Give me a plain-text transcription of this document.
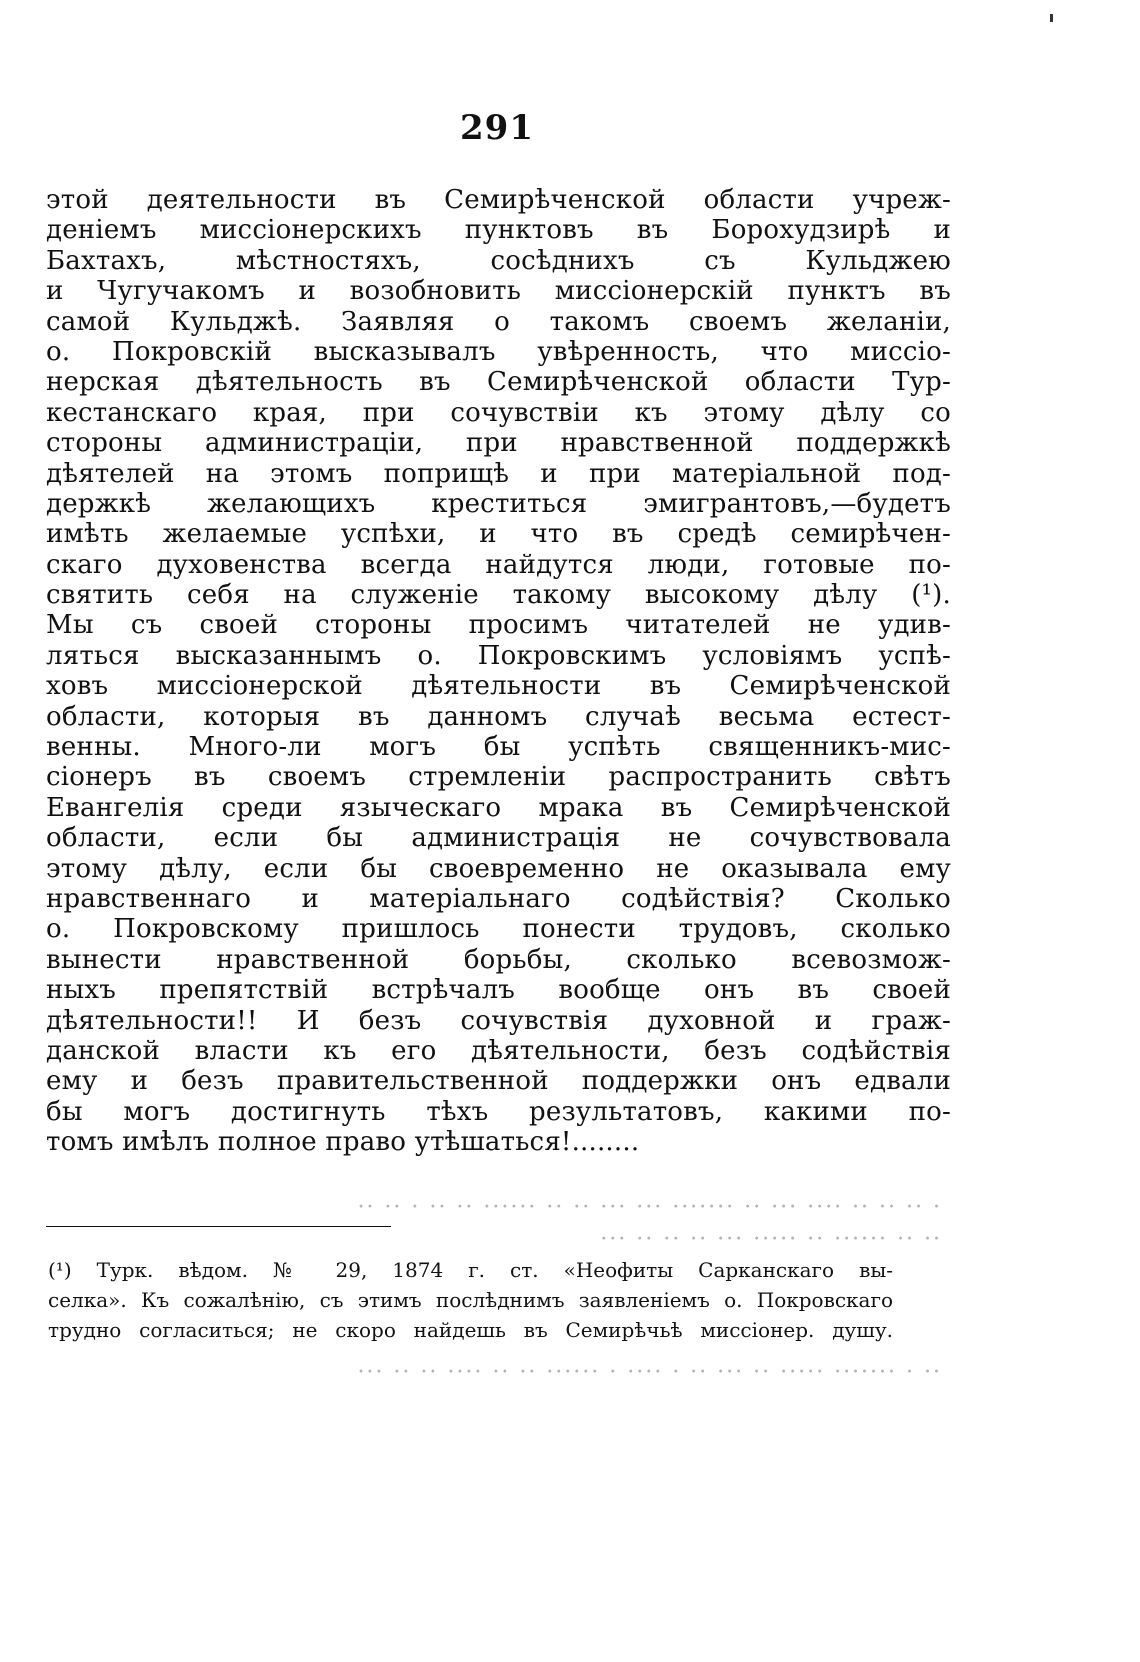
291
этой деятельности въ Семирѣченской области учреж-
деніемъ миссіонерскихъ пунктовъ въ Борохудзирѣ и
Бахтахъ, мѣстностяхъ, сосѣднихъ съ Кульджею
и Чугучакомъ и возобновить миссіонерскій пунктъ въ
самой Кульджѣ. Заявляя о такомъ своемъ желаніи,
о. Покровскій высказывалъ увѣренность, что миссіо-
нерская дѣятельность въ Семирѣченской области Тур-
кестанскаго края, при сочувствіи къ этому дѣлу со
стороны администраціи, при нравственной поддержкѣ
дѣятелей на этомъ поприщѣ и при матеріальной под-
держкѣ желающихъ креститься эмигрантовъ,—будетъ
имѣть желаемые успѣхи, и что въ средѣ семирѣчен-
скаго духовенства всегда найдутся люди, готовые по-
святить себя на служеніе такому высокому дѣлу (¹).
Мы съ своей стороны просимъ читателей не удив-
ляться высказаннымъ о. Покровскимъ условіямъ успѣ-
ховъ миссіонерской дѣятельности въ Семирѣченской
области, которыя въ данномъ случаѣ весьма естест-
венны. Много-ли могъ бы успѣть священникъ-мис-
сіонеръ въ своемъ стремленіи распространить свѣтъ
Евангелія среди языческаго мрака въ Семирѣченской
области, если бы администрація не сочувствовала
этому дѣлу, если бы своевременно не оказывала ему
нравственнаго и матеріальнаго содѣйствія? Сколько
о. Покровскому пришлось понести трудовъ, сколько
вынести нравственной борьбы, сколько всевозмож-
ныхъ препятствій встрѣчалъ вообще онъ въ своей
дѣятельности!! И безъ сочувствія духовной и граж-
данской власти къ его дѣятельности, безъ содѣйствія
ему и безъ правительственной поддержки онъ едвали
бы могъ достигнуть тѣхъ результатовъ, какими по-
томъ имѣлъ полное право утѣшаться!........
· ·· ·· ·· ···· ··· ·· ······· ··· ··· ·· ·· ······ ·· ·· · ·· ··
·· ·· ······ ·· ····· ··· ·· ·· ·· ···
(¹) Турк. вѣдом. № 29, 1874 г. ст. «Неофиты Сарканскаго вы-
селка». Къ сожалѣнію, съ этимъ послѣднимъ заявленіемъ о. Покровскаго
трудно согласиться; не скоро найдешь въ Семирѣчьѣ миссіонер. душу.
·· · ······· ····· ·· ··· ·· · ···· · ······ ·· ·· ···· ·· ·· ···
